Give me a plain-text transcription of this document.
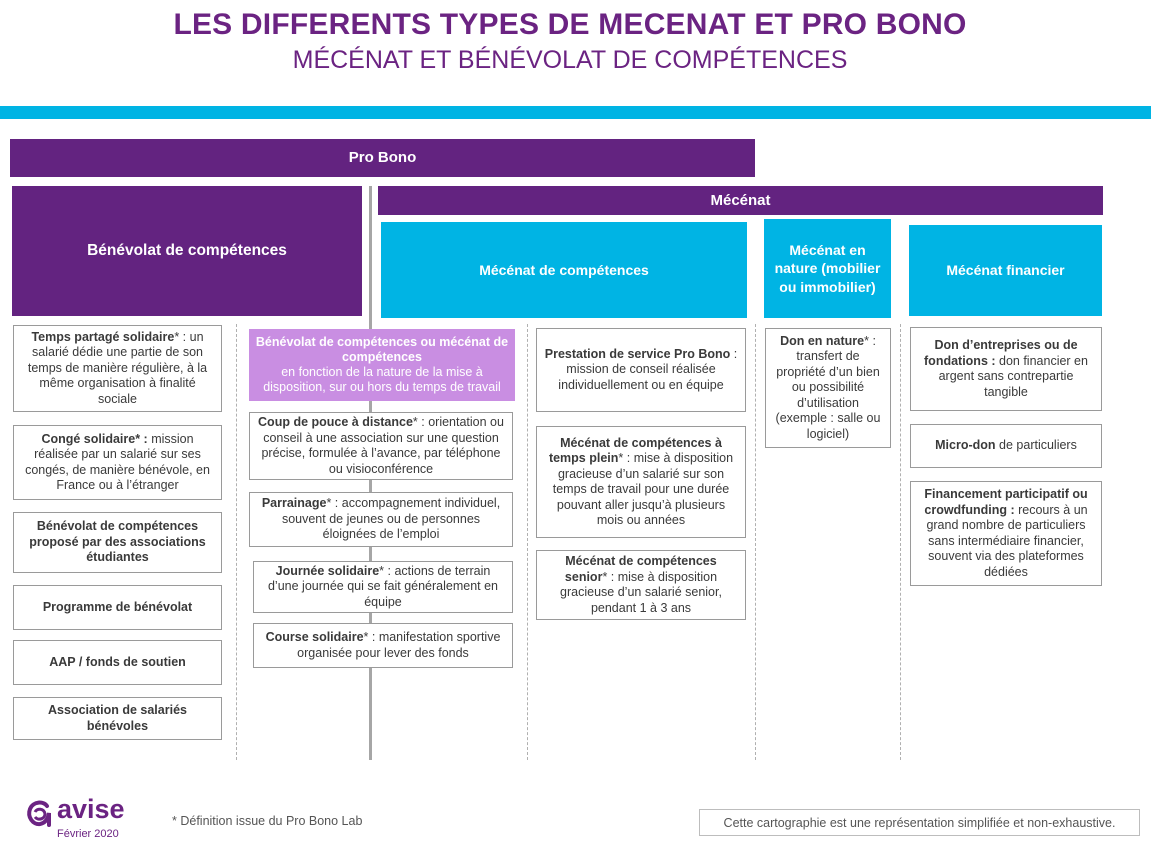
LES DIFFERENTS TYPES DE MECENAT ET PRO BONO
MÉCÉNAT ET BÉNÉVOLAT DE COMPÉTENCES
Pro Bono
Mécénat
Bénévolat de compétences
Mécénat de compétences
Mécénat en nature (mobilier ou immobilier)
Mécénat financier
Temps partagé solidaire* : un salarié dédie une partie de son temps de manière régulière, à la même organisation à finalité sociale
Congé solidaire* : mission réalisée par un salarié sur ses congés, de manière bénévole, en France ou à l’étranger
Bénévolat de compétences proposé par des associations étudiantes
Programme de bénévolat
AAP / fonds de soutien
Association de salariés bénévoles
Bénévolat de compétences ou mécénat de compétences
en fonction de la nature de la mise à disposition, sur ou hors du temps de travail
Coup de pouce à distance* : orientation ou conseil à une association sur une question précise, formulée à l’avance, par téléphone ou visioconférence
Parrainage* : accompagnement individuel, souvent de jeunes ou de personnes éloignées de l’emploi
Journée solidaire* : actions de terrain d’une journée qui se fait généralement en équipe
Course solidaire* : manifestation sportive organisée pour lever des fonds
Prestation de service Pro Bono : mission de conseil réalisée individuellement ou en équipe
Mécénat de compétences à temps plein* : mise à disposition gracieuse d’un salarié sur son temps de travail pour une durée pouvant aller jusqu’à plusieurs mois ou années
Mécénat de compétences senior* : mise à disposition gracieuse d’un salarié senior, pendant 1 à 3 ans
Don en nature* : transfert de propriété d’un bien ou possibilité d’utilisation (exemple : salle ou logiciel)
Don d’entreprises ou de fondations : don financier en argent sans contrepartie tangible
Micro-don de particuliers
Financement participatif ou crowdfunding : recours à un grand nombre de particuliers sans intermédiaire financier, souvent via des plateformes dédiées
avise
Février 2020
* Définition issue du Pro Bono Lab	Cette cartographie est une représentation simplifiée et non-exhaustive.
